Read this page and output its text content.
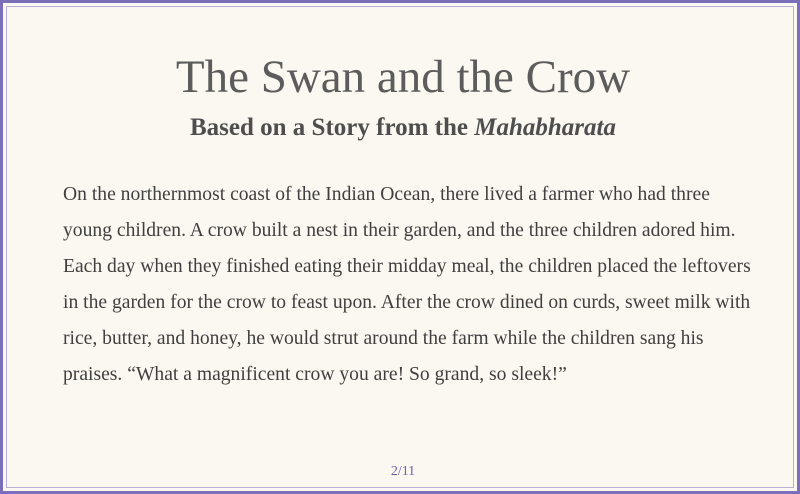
The Swan and the Crow
Based on a Story from the Mahabharata

On the northernmost coast of the Indian Ocean, there lived a farmer who had three young children. A crow built a nest in their garden, and the three children adored him. Each day when they finished eating their midday meal, the children placed the leftovers in the garden for the crow to feast upon. After the crow dined on curds, sweet milk with rice, butter, and honey, he would strut around the farm while the children sang his praises. “What a magnificent crow you are! So grand, so sleek!”

2/11
